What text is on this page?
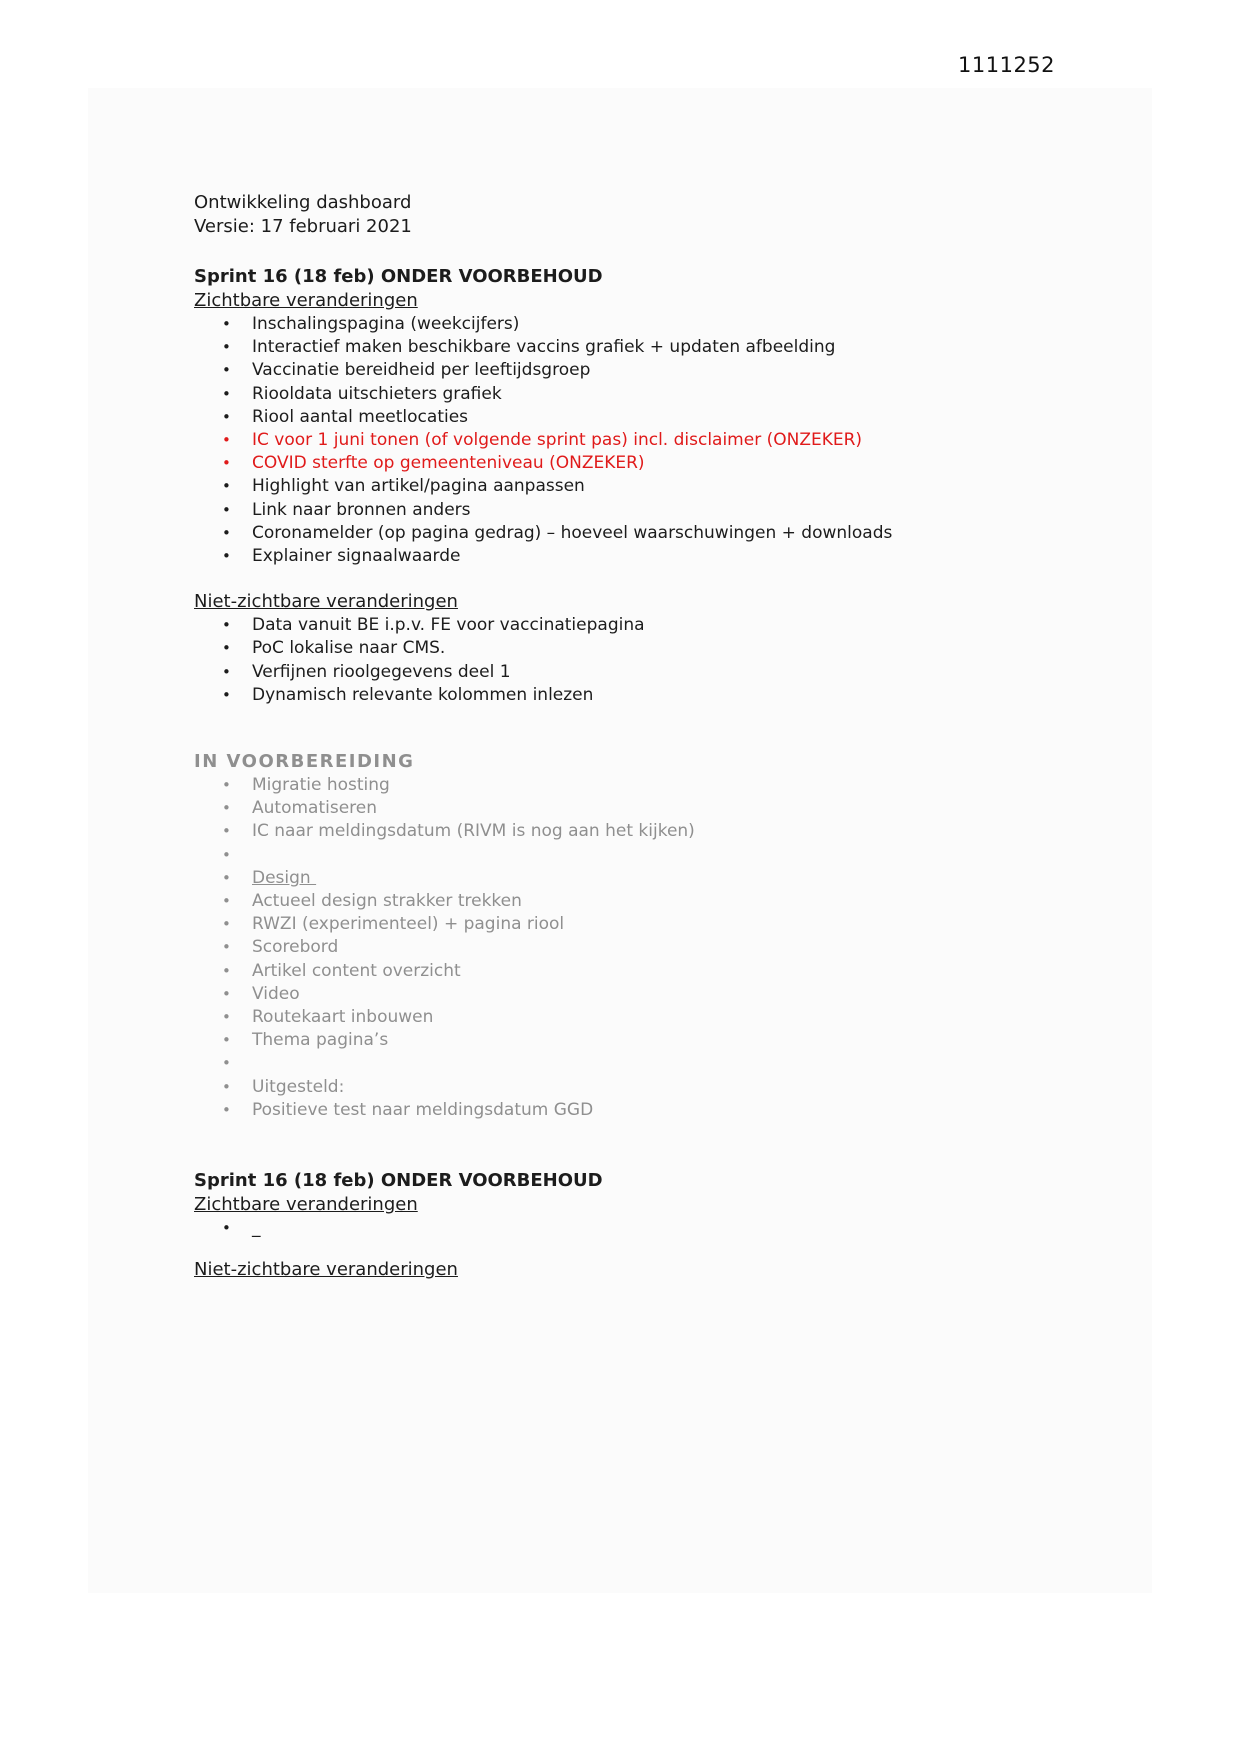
1111252
Ontwikkeling dashboard
Versie: 17 februari 2021
Sprint 16 (18 feb) ONDER VOORBEHOUD
Zichtbare veranderingen
•	Inschalingspagina (weekcijfers)
•	Interactief maken beschikbare vaccins grafiek + updaten afbeelding
•	Vaccinatie bereidheid per leeftijdsgroep
•	Riooldata uitschieters grafiek
•	Riool aantal meetlocaties
•	IC voor 1 juni tonen (of volgende sprint pas) incl. disclaimer (ONZEKER)
•	COVID sterfte op gemeenteniveau (ONZEKER)
•	Highlight van artikel/pagina aanpassen
•	Link naar bronnen anders
•	Coronamelder (op pagina gedrag) – hoeveel waarschuwingen + downloads
•	Explainer signaalwaarde
Niet-zichtbare veranderingen
•	Data vanuit BE i.p.v. FE voor vaccinatiepagina
•	PoC lokalise naar CMS.
•	Verfijnen rioolgegevens deel 1
•	Dynamisch relevante kolommen inlezen
IN VOORBEREIDING
•	Migratie hosting
•	Automatiseren
•	IC naar meldingsdatum (RIVM is nog aan het kijken)
•
•	Design
•	Actueel design strakker trekken
•	RWZI (experimenteel) + pagina riool
•	Scorebord
•	Artikel content overzicht
•	Video
•	Routekaart inbouwen
•	Thema pagina’s
•
•	Uitgesteld:
•	Positieve test naar meldingsdatum GGD
Sprint 16 (18 feb) ONDER VOORBEHOUD
Zichtbare veranderingen
•	_
Niet-zichtbare veranderingen
